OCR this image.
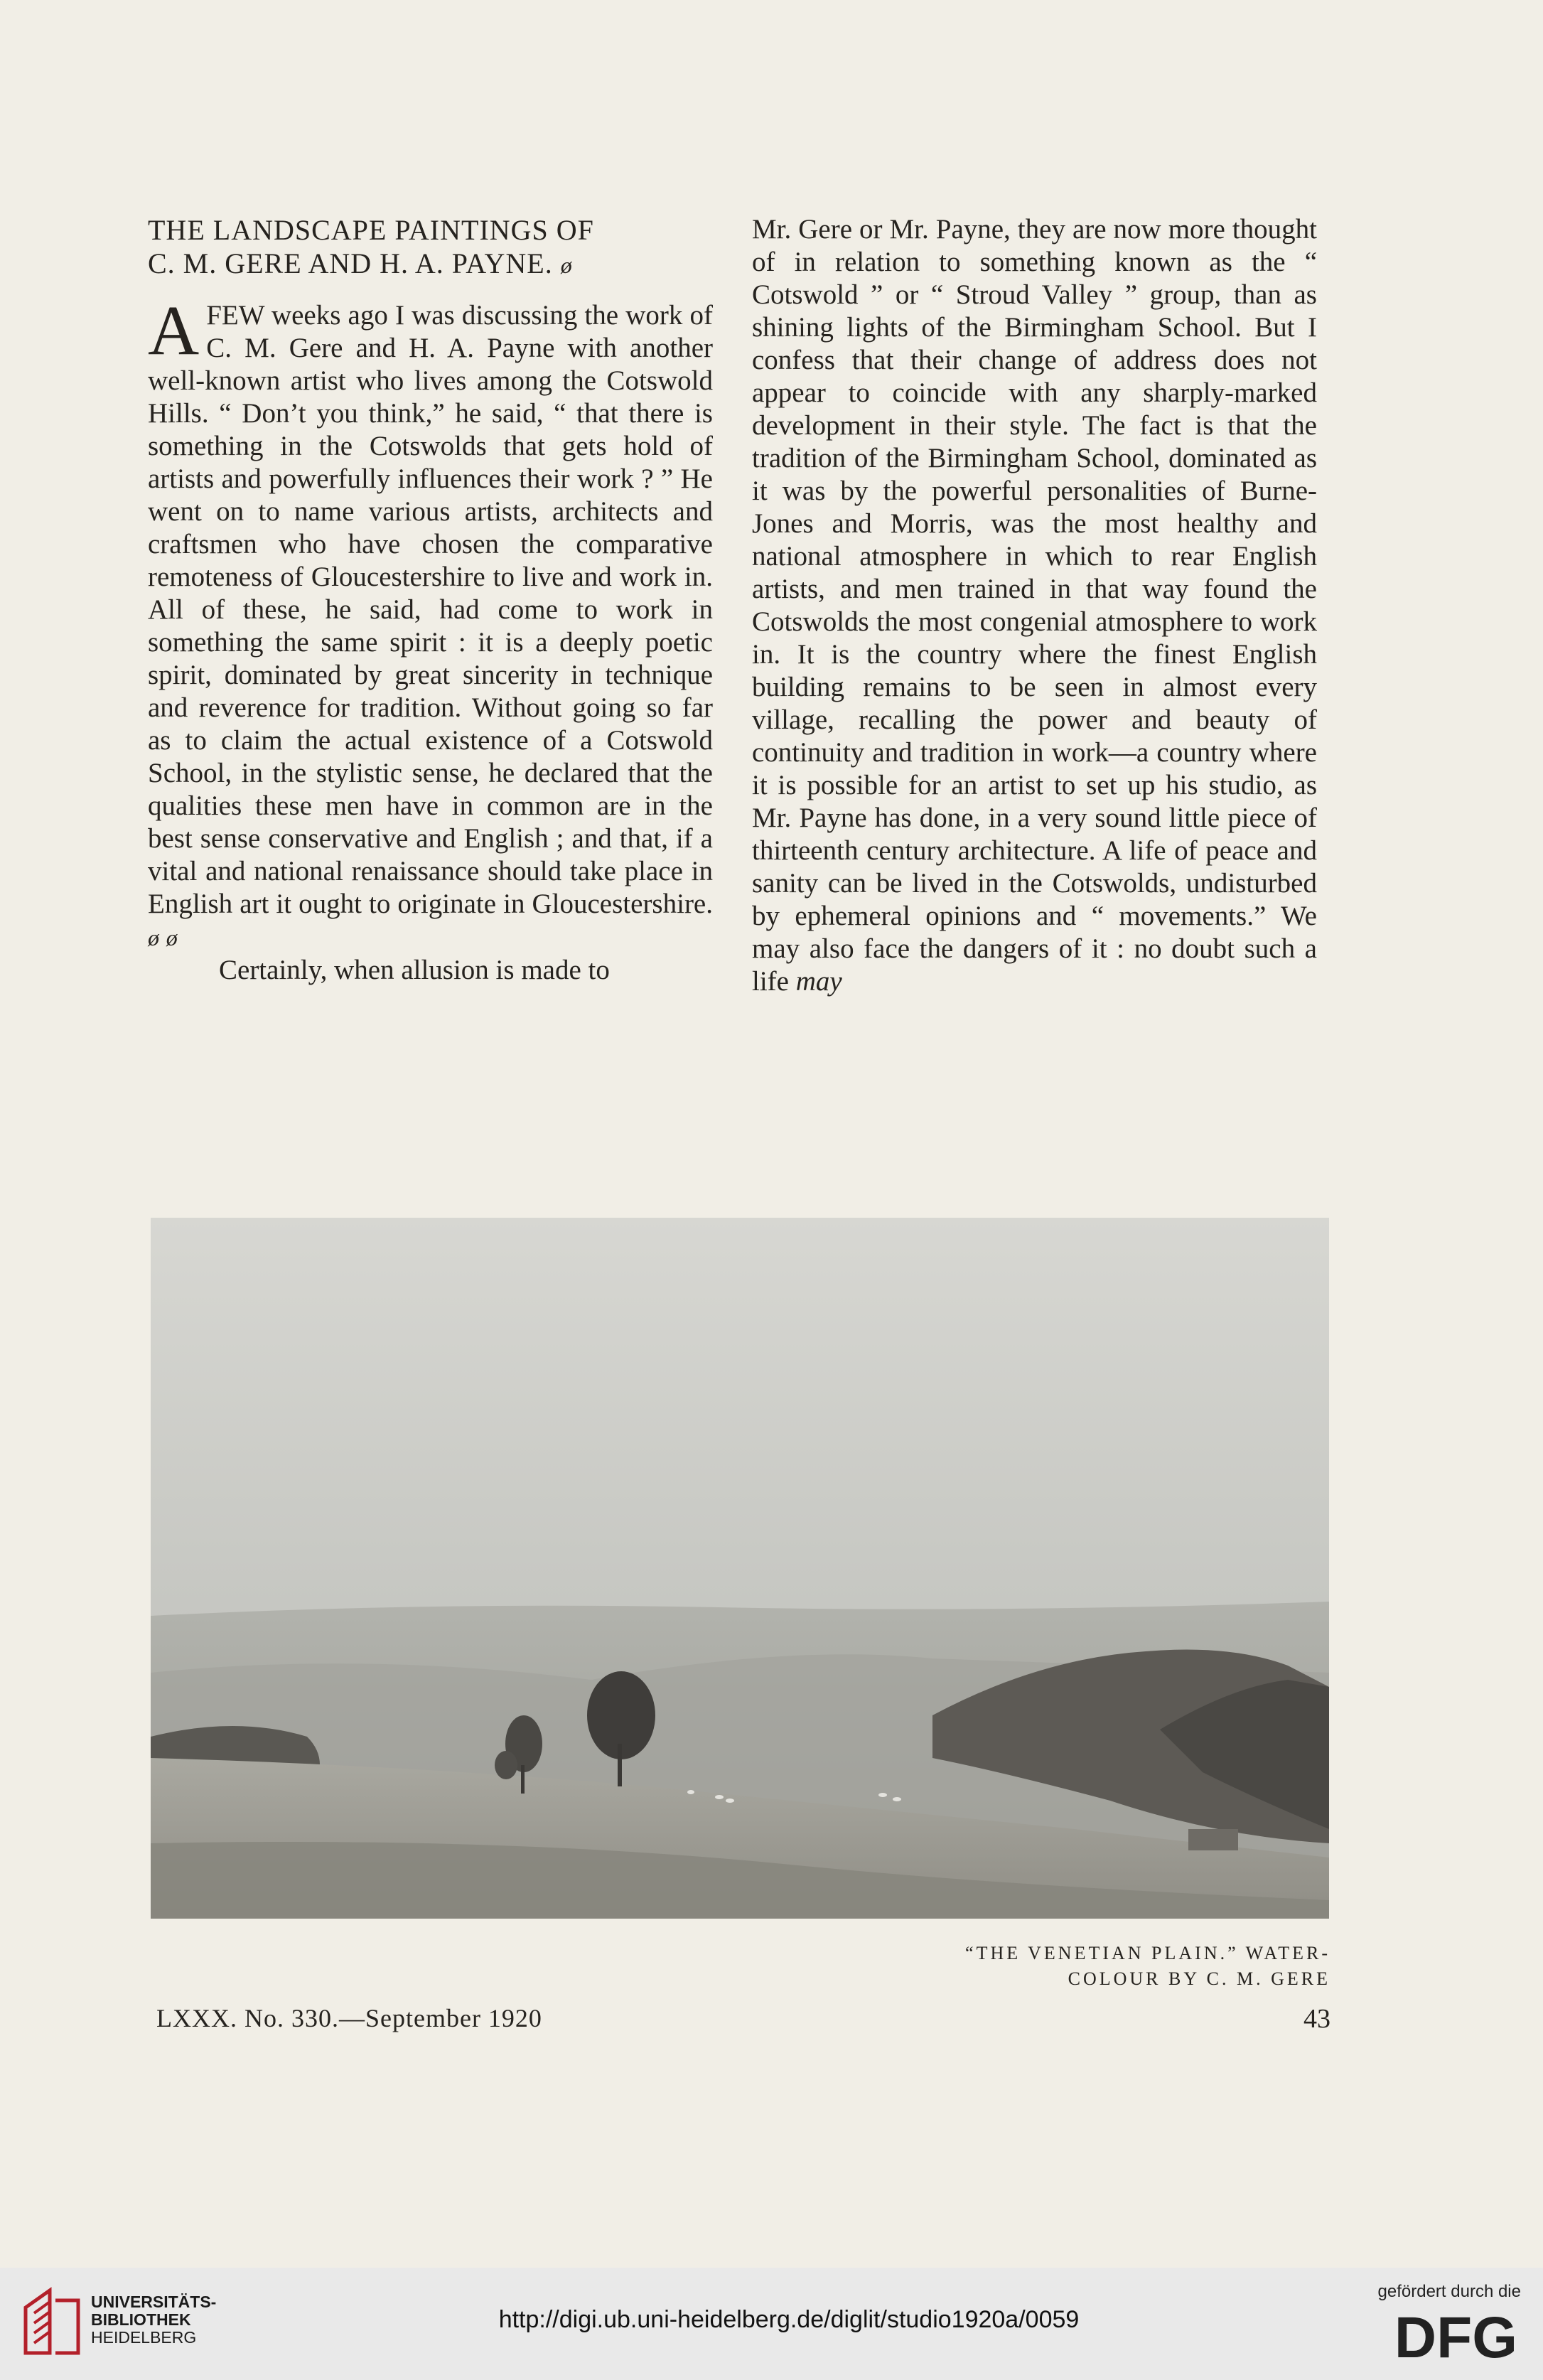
THE LANDSCAPE PAINTINGS OF
C. M. GERE AND H. A. PAYNE. ø

AFEW weeks ago I was discussing the work of C. M. Gere and H. A. Payne with another well-known artist who lives among the Cotswold Hills. “ Don’t you think,” he said, “ that there is something in the Cotswolds that gets hold of artists and powerfully influences their work ? ” He went on to name various artists, architects and craftsmen who have chosen the comparative remoteness of Gloucestershire to live and work in. All of these, he said, had come to work in something the same spirit : it is a deeply poetic spirit, dominated by great sincerity in technique and reverence for tradition. Without going so far as to claim the actual existence of a Cotswold School, in the stylistic sense, he declared that the qualities these men have in common are in the best sense conservative and English ; and that, if a vital and national renaissance should take place in English art it ought to originate in Gloucestershire. ø ø

Certainly, when allusion is made to

Mr. Gere or Mr. Payne, they are now more thought of in relation to something known as the “ Cotswold ” or “ Stroud Valley ” group, than as shining lights of the Birmingham School. But I confess that their change of address does not appear to coincide with any sharply-marked development in their style. The fact is that the tradition of the Birmingham School, dominated as it was by the powerful personalities of Burne-Jones and Morris, was the most healthy and national atmosphere in which to rear English artists, and men trained in that way found the Cotswolds the most congenial atmosphere to work in. It is the country where the finest English building remains to be seen in almost every village, recalling the power and beauty of continuity and tradition in work—a country where it is possible for an artist to set up his studio, as Mr. Payne has done, in a very sound little piece of thirteenth century architecture. A life of peace and sanity can be lived in the Cotswolds, undisturbed by ephemeral opinions and “ movements.” We may also face the dangers of it : no doubt such a life may

“THE VENETIAN PLAIN.” WATER-
COLOUR BY C. M. GERE
LXXX. No. 330.—September 1920	43
UNIVERSITÄTS-
BIBLIOTHEK
HEIDELBERG
http://digi.ub.uni-heidelberg.de/diglit/studio1920a/0059
gefördert durch die
DFG
